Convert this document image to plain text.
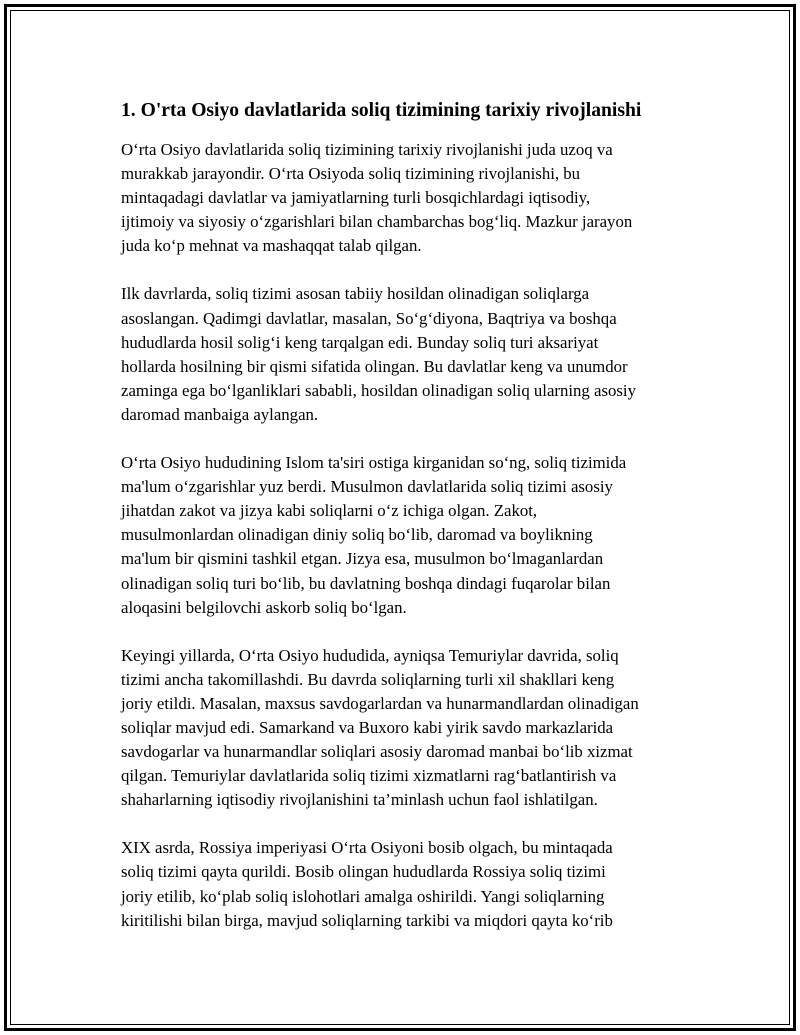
1. O'rta Osiyo davlatlarida soliq tizimining tarixiy rivojlanishi

O‘rta Osiyo davlatlarida soliq tizimining tarixiy rivojlanishi juda uzoq va
murakkab jarayondir. O‘rta Osiyoda soliq tizimining rivojlanishi, bu
mintaqadagi davlatlar va jamiyatlarning turli bosqichlardagi iqtisodiy,
ijtimoiy va siyosiy o‘zgarishlari bilan chambarchas bog‘liq. Mazkur jarayon
juda ko‘p mehnat va mashaqqat talab qilgan.

Ilk davrlarda, soliq tizimi asosan tabiiy hosildan olinadigan soliqlarga
asoslangan. Qadimgi davlatlar, masalan, So‘g‘diyona, Baqtriya va boshqa
hududlarda hosil solig‘i keng tarqalgan edi. Bunday soliq turi aksariyat
hollarda hosilning bir qismi sifatida olingan. Bu davlatlar keng va unumdor
zaminga ega bo‘lganliklari sababli, hosildan olinadigan soliq ularning asosiy
daromad manbaiga aylangan.

O‘rta Osiyo hududining Islom ta'siri ostiga kirganidan so‘ng, soliq tizimida
ma'lum o‘zgarishlar yuz berdi. Musulmon davlatlarida soliq tizimi asosiy
jihatdan zakot va jizya kabi soliqlarni o‘z ichiga olgan. Zakot,
musulmonlardan olinadigan diniy soliq bo‘lib, daromad va boylikning
ma'lum bir qismini tashkil etgan. Jizya esa, musulmon bo‘lmaganlardan
olinadigan soliq turi bo‘lib, bu davlatning boshqa dindagi fuqarolar bilan
aloqasini belgilovchi askorb soliq bo‘lgan.

Keyingi yillarda, O‘rta Osiyo hududida, ayniqsa Temuriylar davrida, soliq
tizimi ancha takomillashdi. Bu davrda soliqlarning turli xil shakllari keng
joriy etildi. Masalan, maxsus savdogarlardan va hunarmandlardan olinadigan
soliqlar mavjud edi. Samarkand va Buxoro kabi yirik savdo markazlarida
savdogarlar va hunarmandlar soliqlari asosiy daromad manbai bo‘lib xizmat
qilgan. Temuriylar davlatlarida soliq tizimi xizmatlarni rag‘batlantirish va
shaharlarning iqtisodiy rivojlanishini ta’minlash uchun faol ishlatilgan.

XIX asrda, Rossiya imperiyasi O‘rta Osiyoni bosib olgach, bu mintaqada
soliq tizimi qayta qurildi. Bosib olingan hududlarda Rossiya soliq tizimi
joriy etilib, ko‘plab soliq islohotlari amalga oshirildi. Yangi soliqlarning
kiritilishi bilan birga, mavjud soliqlarning tarkibi va miqdori qayta ko‘rib
